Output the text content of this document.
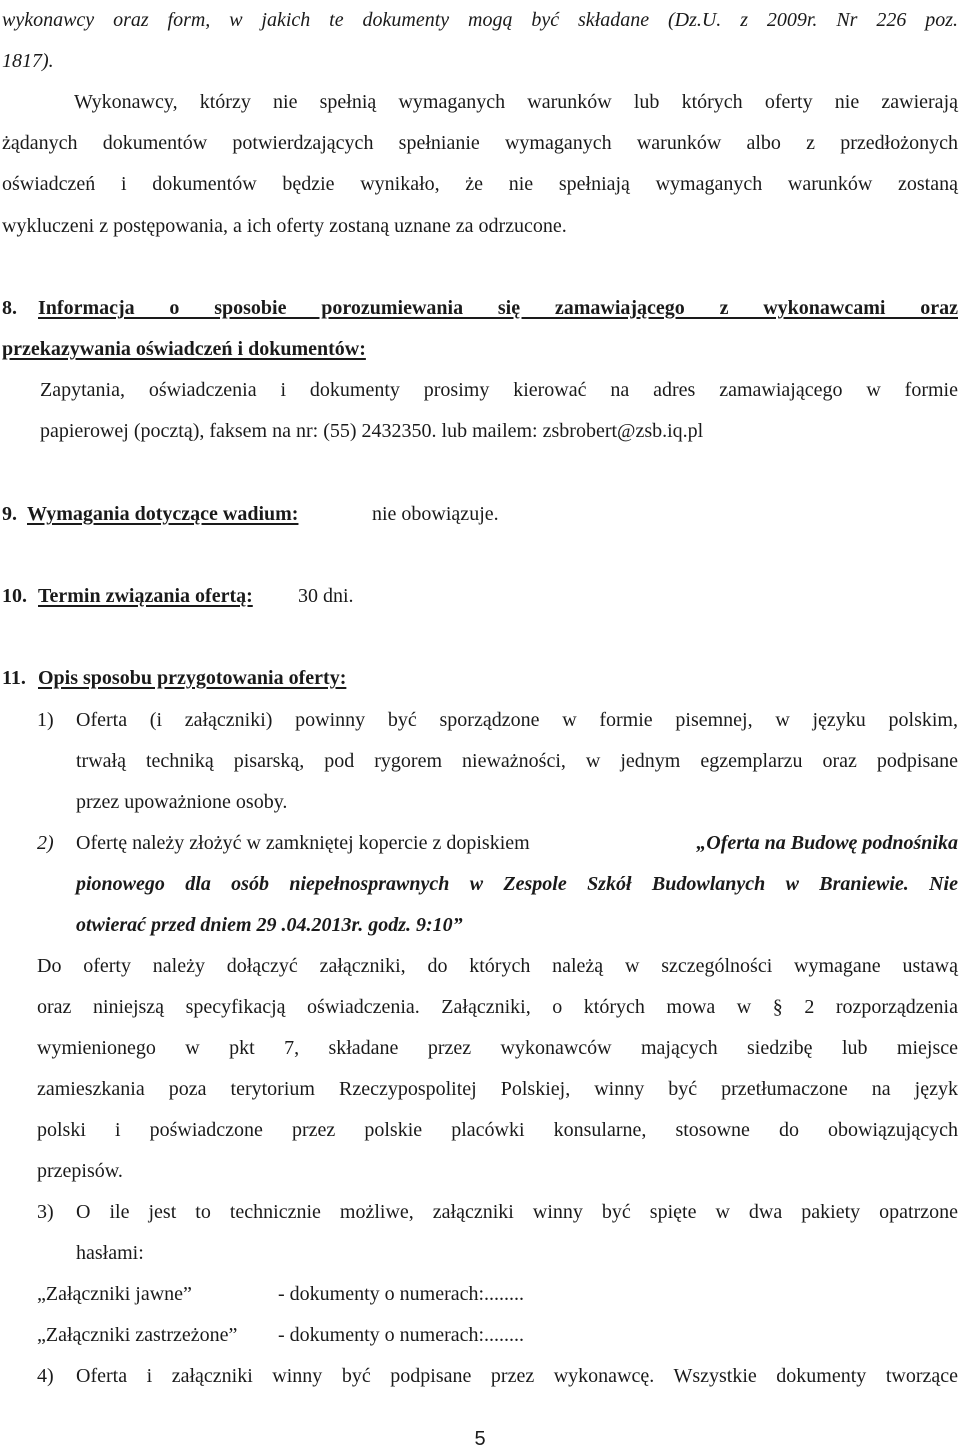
wykonawcy oraz form, w jakich te dokumenty mogą być składane (Dz.U. z 2009r. Nr 226 poz.
1817).
Wykonawcy, którzy nie spełnią wymaganych warunków lub których oferty nie zawierają
żądanych dokumentów potwierdzających spełnianie wymaganych warunków albo z przedłożonych
oświadczeń i dokumentów będzie wynikało, że nie spełniają wymaganych warunków zostaną
wykluczeni z postępowania, a ich oferty zostaną uznane za odrzucone.
8. Informacja o sposobie porozumiewania się zamawiającego z wykonawcami oraz
przekazywania oświadczeń i dokumentów:
Zapytania, oświadczenia i dokumenty prosimy kierować na adres zamawiającego w formie
papierowej (pocztą), faksem na nr: (55) 2432350. lub mailem: zsbrobert@zsb.iq.pl
9. Wymagania dotyczące wadium:	nie obowiązuje.
10. Termin związania ofertą: 30 dni.
11. Opis sposobu przygotowania oferty:
1) Oferta (i załączniki) powinny być sporządzone w formie pisemnej, w języku polskim,
trwałą techniką pisarską, pod rygorem nieważności, w jednym egzemplarzu oraz podpisane
przez upoważnione osoby.
2) Ofertę należy złożyć w zamkniętej kopercie z dopiskiem	„Oferta na Budowę podnośnika
pionowego dla osób niepełnosprawnych w Zespole Szkół Budowlanych w Braniewie. Nie
otwierać przed dniem 29 .04.2013r. godz. 9:10”
Do oferty należy dołączyć załączniki, do których należą w szczególności wymagane ustawą
oraz niniejszą specyfikacją oświadczenia. Załączniki, o których mowa w § 2 rozporządzenia
wymienionego w pkt 7, składane przez wykonawców mających siedzibę lub miejsce
zamieszkania poza terytorium Rzeczypospolitej Polskiej, winny być przetłumaczone na język
polski i poświadczone przez polskie placówki konsularne, stosowne do obowiązujących
przepisów.
3) O ile jest to technicznie możliwe, załączniki winny być spięte w dwa pakiety opatrzone
hasłami:
„Załączniki jawne”	- dokumenty o numerach:........
„Załączniki zastrzeżone” - dokumenty o numerach:........
4) Oferta i załączniki winny być podpisane przez wykonawcę. Wszystkie dokumenty tworzące
5
